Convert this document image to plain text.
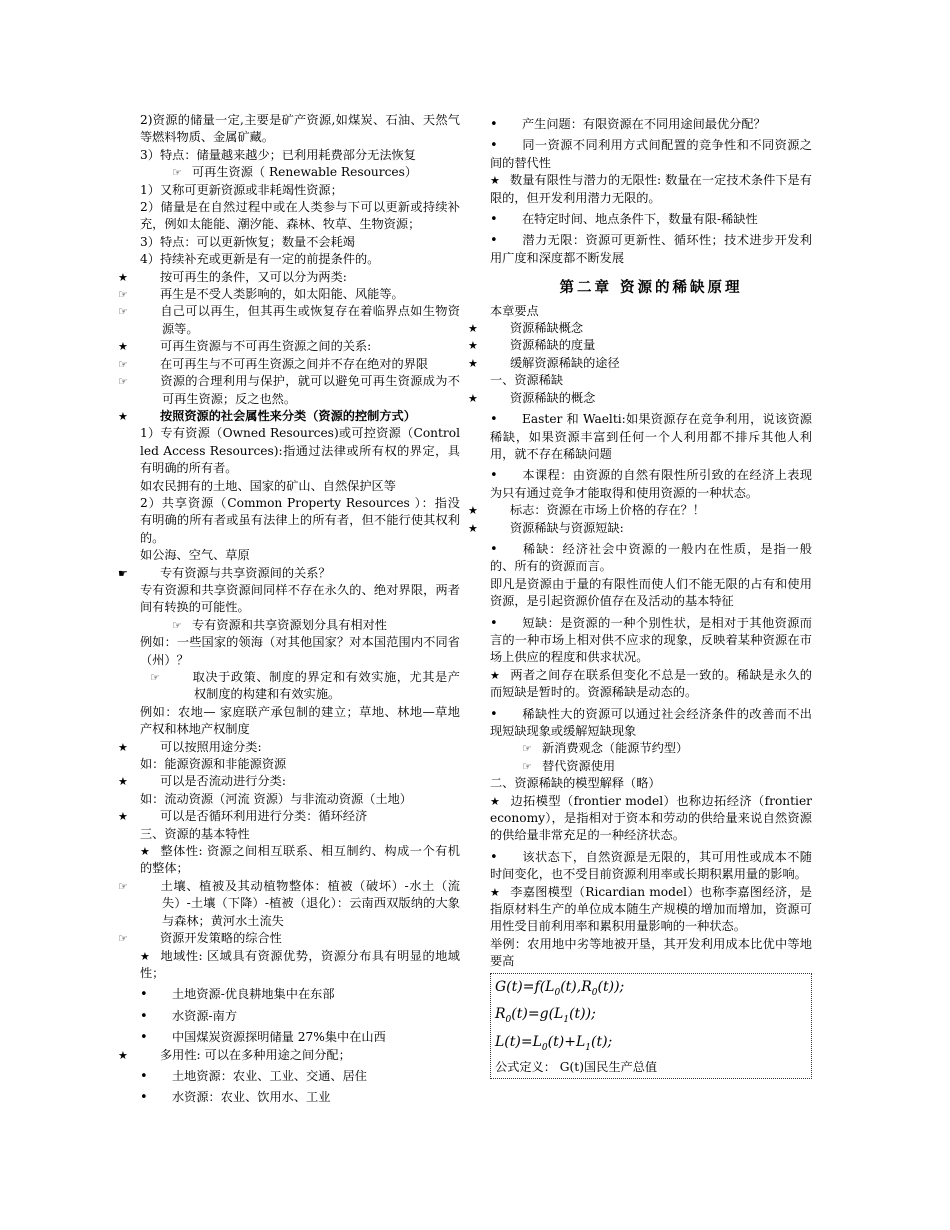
2)资源的储量一定,主要是矿产资源,如煤炭、石油、天然气等燃料物质、金属矿藏。

3）特点：储量越来越少；已利用耗费部分无法恢复

☞ 可再生资源（ Renewable Resources）

1）又称可更新资源或非耗竭性资源；

2）储量是在自然过程中或在人类参与下可以更新或持续补充，例如太能能、潮汐能、森林、牧草、生物资源；

3）特点：可以更新恢复；数量不会耗竭

4）持续补充或更新是有一定的前提条件的。

★	按可再生的条件，又可以分为两类:

☞	再生是不受人类影响的，如太阳能、风能等。

☞	自己可以再生，但其再生或恢复存在着临界点如生物资源等。

★	可再生资源与不可再生资源之间的关系:

☞	在可再生与不可再生资源之间并不存在绝对的界限

☞	资源的合理利用与保护，就可以避免可再生资源成为不可再生资源；反之也然。

★	按照资源的社会属性来分类（资源的控制方式）

1）专有资源（Owned Resources)或可控资源（Controlled Access Resources):指通过法律或所有权的界定，具有明确的所有者。

如农民拥有的土地、国家的矿山、自然保护区等

2）共享资源（Common Property Resources ）：指没有明确的所有者或虽有法律上的所有者，但不能行使其权利的。

如公海、空气、草原

☛	专有资源与共享资源间的关系？

专有资源和共享资源间同样不存在永久的、绝对界限，两者间有转换的可能性。

☞ 专有资源和共享资源划分具有相对性

例如：一些国家的领海（对其他国家？对本国范围内不同省（州）？

☞	取决于政策、制度的界定和有效实施，尤其是产权制度的构建和有效实施。

例如：农地— 家庭联产承包制的建立；草地、林地—草地产权和林地产权制度

★	可以按照用途分类:

如：能源资源和非能源资源

★	可以是否流动进行分类:

如：流动资源（河流 资源）与非流动资源（土地）

★	可以是否循环利用进行分类：循环经济

三、资源的基本特性

★ 整体性: 资源之间相互联系、相互制约、构成一个有机的整体；

☞	土壤、植被及其动植物整体：植被（破坏）-水土（流失）-土壤（下降）-植被（退化）：云南西双版纳的大象与森林；黄河水土流失

☞	资源开发策略的综合性

★ 地域性: 区域具有资源优势，资源分布具有明显的地域性；

• 土地资源-优良耕地集中在东部

• 水资源-南方

• 中国煤炭资源探明储量 27%集中在山西

★	多用性: 可以在多种用途之间分配；

• 土地资源：农业、工业、交通、居住

• 水资源：农业、饮用水、工业

• 产生问题：有限资源在不同用途间最优分配？

• 同一资源不同利用方式间配置的竞争性和不同资源之间的替代性

★ 数量有限性与潜力的无限性: 数量在一定技术条件下是有限的，但开发利用潜力无限的。

• 在特定时间、地点条件下，数量有限-稀缺性

• 潜力无限：资源可更新性、循环性；技术进步开发利用广度和深度都不断发展

第二章 资源的稀缺原理

本章要点

★	资源稀缺概念

★	资源稀缺的度量

★	缓解资源稀缺的途径

一、资源稀缺

★	资源稀缺的概念

• Easter 和 Waelti:如果资源存在竞争利用，说该资源稀缺，如果资源丰富到任何一个人利用都不排斥其他人利用，就不存在稀缺问题

• 本课程：由资源的自然有限性所引致的在经济上表现为只有通过竞争才能取得和使用资源的一种状态。

★	标志：资源在市场上价格的存在？！

★	资源稀缺与资源短缺:

• 稀缺：经济社会中资源的一般内在性质，是指一般的、所有的资源而言。

即凡是资源由于量的有限性而使人们不能无限的占有和使用资源，是引起资源价值存在及活动的基本特征

• 短缺：是资源的一种个别性状，是相对于其他资源而言的一种市场上相对供不应求的现象，反映着某种资源在市场上供应的程度和供求状况。

★ 两者之间存在联系但变化不总是一致的。稀缺是永久的而短缺是暂时的。资源稀缺是动态的。

• 稀缺性大的资源可以通过社会经济条件的改善而不出现短缺现象或缓解短缺现象

☞ 新消费观念（能源节约型）

☞ 替代资源使用

二、资源稀缺的模型解释（略）

★ 边拓模型（frontier model）也称边拓经济（frontier economy），是指相对于资本和劳动的供给量来说自然资源的供给量非常充足的一种经济状态。

• 该状态下，自然资源是无限的，其可用性或成本不随时间变化，也不受目前资源利用率或长期积累用量的影响。

★ 李嘉图模型（Ricardian model）也称李嘉图经济，是指原材料生产的单位成本随生产规模的增加而增加，资源可用性受目前利用率和累积用量影响的一种状态。

举例：农用地中劣等地被开垦，其开发利用成本比优中等地要高

$G(t)=f(L_0(t),R_0(t))$;

$R_0(t)=g(L_1(t))$;

$L(t)=L_0(t)+L_1(t)$;

公式定义： G(t)国民生产总值
